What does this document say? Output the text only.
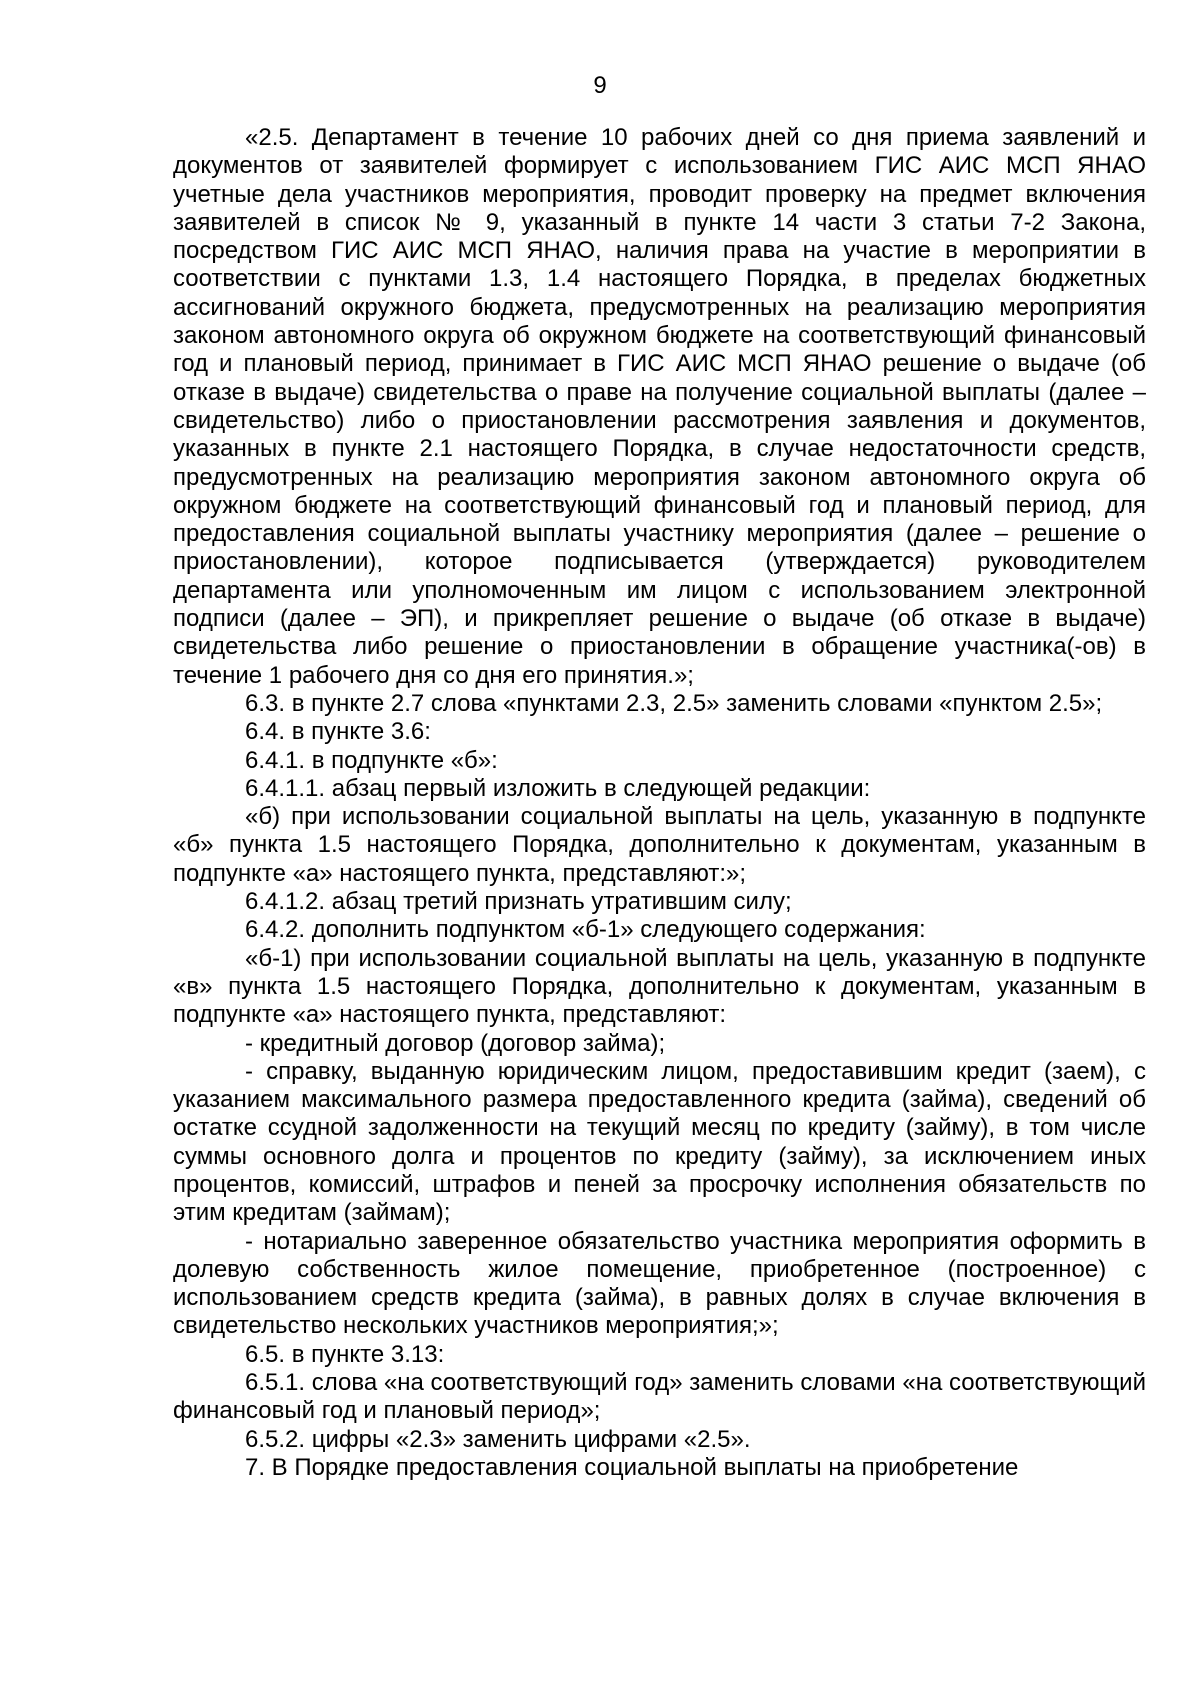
9

«2.5. Департамент в течение 10 рабочих дней со дня приема заявлений и документов от заявителей формирует с использованием ГИС АИС МСП ЯНАО учетные дела участников мероприятия, проводит проверку на предмет включения заявителей в список № 9, указанный в пункте 14 части 3 статьи 7-2 Закона, посредством ГИС АИС МСП ЯНАО, наличия права на участие в мероприятии в соответствии с пунктами 1.3, 1.4 настоящего Порядка, в пределах бюджетных ассигнований окружного бюджета, предусмотренных на реализацию мероприятия законом автономного округа об окружном бюджете на соответствующий финансовый год и плановый период, принимает в ГИС АИС МСП ЯНАО решение о выдаче (об отказе в выдаче) свидетельства о праве на получение социальной выплаты (далее – свидетельство) либо о приостановлении рассмотрения заявления и документов, указанных в пункте 2.1 настоящего Порядка, в случае недостаточности средств, предусмотренных на реализацию мероприятия законом автономного округа об окружном бюджете на соответствующий финансовый год и плановый период, для предоставления социальной выплаты участнику мероприятия (далее – решение о приостановлении), которое подписывается (утверждается) руководителем департамента или уполномоченным им лицом с использованием электронной подписи (далее – ЭП), и прикрепляет решение о выдаче (об отказе в выдаче) свидетельства либо решение о приостановлении в обращение участника(-ов) в течение 1 рабочего дня со дня его принятия.»;

6.3. в пункте 2.7 слова «пунктами 2.3, 2.5» заменить словами «пунктом 2.5»;

6.4. в пункте 3.6:

6.4.1. в подпункте «б»:

6.4.1.1. абзац первый изложить в следующей редакции:

«б) при использовании социальной выплаты на цель, указанную в подпункте «б» пункта 1.5 настоящего Порядка, дополнительно к документам, указанным в подпункте «а» настоящего пункта, представляют:»;

6.4.1.2. абзац третий признать утратившим силу;

6.4.2. дополнить подпунктом «б-1» следующего содержания:

«б-1) при использовании социальной выплаты на цель, указанную в подпункте «в» пункта 1.5 настоящего Порядка, дополнительно к документам, указанным в подпункте «а» настоящего пункта, представляют:

- кредитный договор (договор займа);

- справку, выданную юридическим лицом, предоставившим кредит (заем), с указанием максимального размера предоставленного кредита (займа), сведений об остатке ссудной задолженности на текущий месяц по кредиту (займу), в том числе суммы основного долга и процентов по кредиту (займу), за исключением иных процентов, комиссий, штрафов и пеней за просрочку исполнения обязательств по этим кредитам (займам);

- нотариально заверенное обязательство участника мероприятия оформить в долевую собственность жилое помещение, приобретенное (построенное) с использованием средств кредита (займа), в равных долях в случае включения в свидетельство нескольких участников мероприятия;»;

6.5. в пункте 3.13:

6.5.1. слова «на соответствующий год» заменить словами «на соответствующий финансовый год и плановый период»;

6.5.2. цифры «2.3» заменить цифрами «2.5».

7. В Порядке предоставления социальной выплаты на приобретение
